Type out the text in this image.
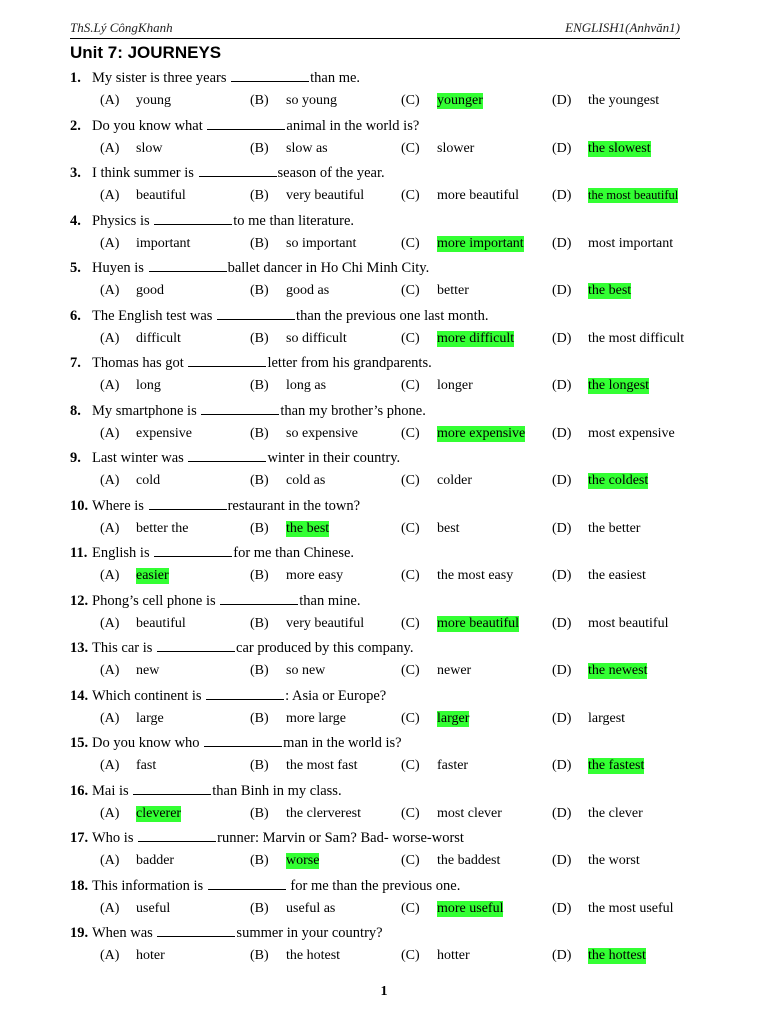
ThS.Lý CôngKhanh	ENGLISH1(Anhvăn1)
Unit 7: JOURNEYS
1. My sister is three years	than me.
(A) young	(B) so young	(C) younger	(D) the youngest
2. Do you know what	animal in the world is?
(A) slow	(B) slow as	(C) slower	(D) the slowest
3. I think summer is	season of the year.
(A) beautiful	(B) very beautiful	(C) more beautiful (D) the most beautiful
4. Physics is	to me than literature.
(A) important	(B) so important	(C) more important (D) most important
5. Huyen is	ballet dancer in Ho Chi Minh City.
(A) good	(B) good as	(C) better	(D) the best
6. The English test was	than the previous one last month.
(A) difficult	(B) so difficult	(C) more difficult	(D) the most difficult
7. Thomas has got	letter from his grandparents.
(A) long	(B) long as	(C) longer	(D) the longest
8. My smartphone is	than my brother’s phone.
(A) expensive	(B) so expensive	(C) more expensive (D) most expensive
9. Last winter was	winter in their country.
(A) cold	(B) cold as	(C) colder	(D) the coldest
10. Where is	restaurant in the town?
(A) better the	(B) the best	(C) best	(D) the better
11. English is	for me than Chinese.
(A) easier	(B) more easy	(C) the most easy	(D) the easiest
12. Phong’s cell phone is	than mine.
(A) beautiful	(B) very beautiful	(C) more beautiful (D) most beautiful
13. This car is	car produced by this company.
(A) new	(B) so new	(C) newer	(D) the newest
14. Which continent is	: Asia or Europe?
(A) large	(B) more large	(C) larger	(D) largest
15. Do you know who	man in the world is?
(A) fast	(B) the most fast	(C) faster	(D) the fastest
16. Mai is	than Binh in my class.
(A) cleverer	(B) the clerverest	(C) most clever	(D) the clever
17. Who is	runner: Marvin or Sam? Bad- worse-worst
(A) badder	(B) worse	(C) the baddest	(D) the worst
18. This information is	for me than the previous one.
(A) useful	(B) useful as	(C) more useful	(D) the most useful
19. When was	summer in your country?
(A) hoter	(B) the hotest	(C) hotter	(D) the hottest
1
